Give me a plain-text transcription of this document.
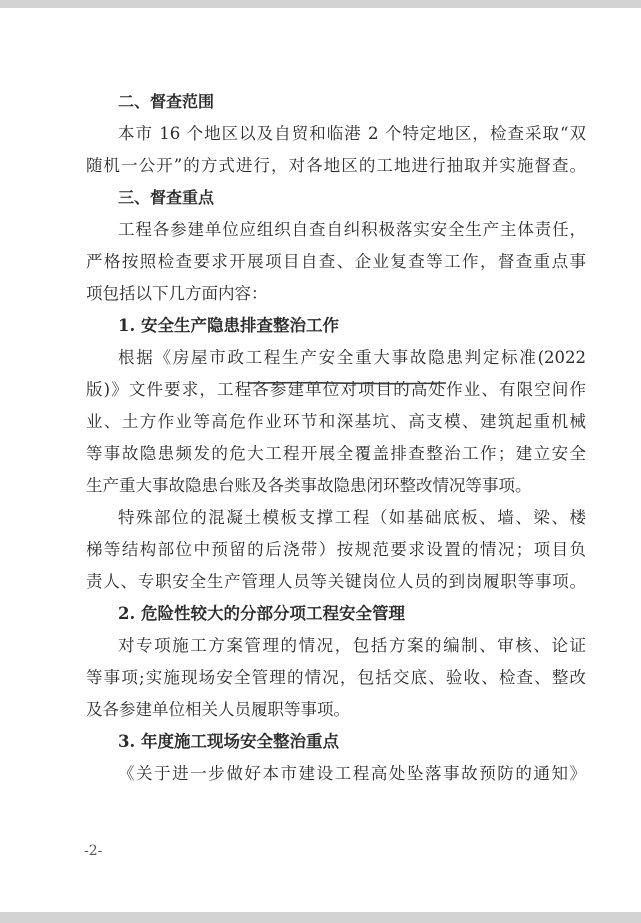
二、督查范围
本市 16 个地区以及自贸和临港 2 个特定地区，检查采取“双
随机一公开”的方式进行，对各地区的工地进行抽取并实施督查。
三、督查重点
工程各参建单位应组织自查自纠积极落实安全生产主体责任，
严格按照检查要求开展项目自查、企业复查等工作，督查重点事
项包括以下几方面内容：
1. 安全生产隐患排查整治工作
根据《房屋市政工程生产安全重大事故隐患判定标准(2022
版)》文件要求，工程各参建单位对项目的高处作业、有限空间作
业、土方作业等高危作业环节和深基坑、高支模、建筑起重机械
等事故隐患频发的危大工程开展全覆盖排查整治工作；建立安全
生产重大事故隐患台账及各类事故隐患闭环整改情况等事项。
特殊部位的混凝土模板支撑工程（如基础底板、墙、梁、楼
梯等结构部位中预留的后浇带）按规范要求设置的情况；项目负
责人、专职安全生产管理人员等关键岗位人员的到岗履职等事项。
2. 危险性较大的分部分项工程安全管理
对专项施工方案管理的情况，包括方案的编制、审核、论证
等事项;实施现场安全管理的情况，包括交底、验收、检查、整改
及各参建单位相关人员履职等事项。
3. 年度施工现场安全整治重点
《关于进一步做好本市建设工程高处坠落事故预防的通知》
-2-
